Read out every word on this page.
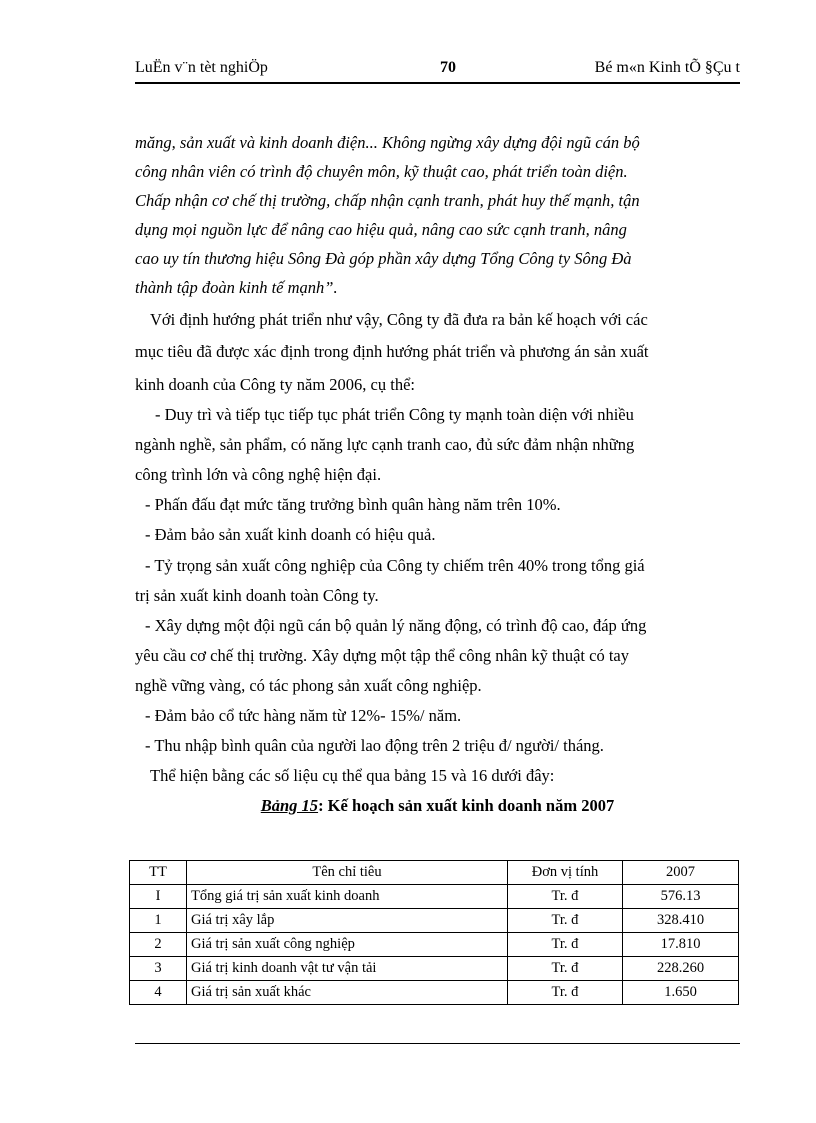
LuËn v¨n tèt nghiÖp	70	Bé m«n Kinh tÕ §Çu t
măng, sản xuất và kinh doanh điện... Không ngừng xây dựng đội ngũ cán bộ
công nhân viên có trình độ chuyên môn, kỹ thuật cao, phát triển toàn diện.
Chấp nhận cơ chế thị trường, chấp nhận cạnh tranh, phát huy thế mạnh, tận
dụng mọi nguồn lực để nâng cao hiệu quả, nâng cao sức cạnh tranh, nâng
cao uy tín thương hiệu Sông Đà góp phần xây dựng Tổng Công ty Sông Đà
thành tập đoàn kinh tế mạnh”.
Với định hướng phát triển như vậy, Công ty đã đưa ra bản kế hoạch với các
mục tiêu đã được xác định trong định hướng phát triển và phương án sản xuất
kinh doanh của Công ty năm 2006, cụ thể:
- Duy trì và tiếp tục tiếp tục phát triển Công ty mạnh toàn diện với nhiều
ngành nghề, sản phẩm, có năng lực cạnh tranh cao, đủ sức đảm nhận những
công trình lớn và công nghệ hiện đại.
- Phấn đấu đạt mức tăng trưởng bình quân hàng năm trên 10%.
- Đảm bảo sản xuất kinh doanh có hiệu quả.
- Tỷ trọng sản xuất công nghiệp của Công ty chiếm trên 40% trong tổng giá
trị sản xuất kinh doanh toàn Công ty.
- Xây dựng một đội ngũ cán bộ quản lý năng động, có trình độ cao, đáp ứng
yêu cầu cơ chế thị trường. Xây dựng một tập thể công nhân kỹ thuật có tay
nghề vững vàng, có tác phong sản xuất công nghiệp.
- Đảm bảo cổ tức hàng năm từ 12%- 15%/ năm.
- Thu nhập bình quân của người lao động trên 2 triệu đ/ người/ tháng.
Thể hiện bằng các số liệu cụ thể qua bảng 15 và 16 dưới đây:
Bảng 15: Kế hoạch sản xuất kinh doanh năm 2007
TT	Tên chỉ tiêu	Đơn vị tính	2007
I	Tổng giá trị sản xuất kinh doanh	Tr. đ	576.13
1	Giá trị xây lắp	Tr. đ	328.410
2	Giá trị sản xuất công nghiệp	Tr. đ	17.810
3	Giá trị kinh doanh vật tư vận tải	Tr. đ	228.260
4	Giá trị sản xuất khác	Tr. đ	1.650
